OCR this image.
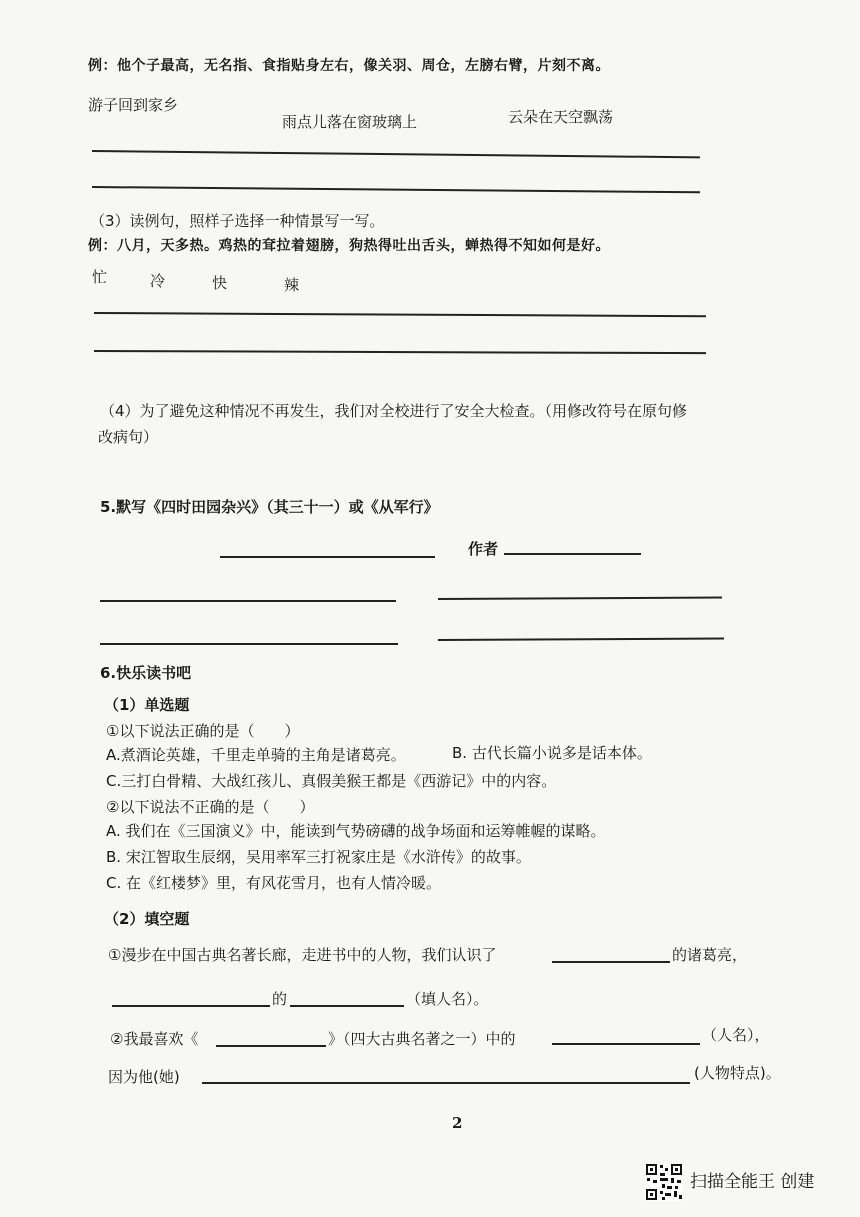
例：他个子最高，无名指、食指贴身左右，像关羽、周仓，左膀右臂，片刻不离。
游子回到家乡
雨点儿落在窗玻璃上	云朵在天空飘荡
（3）读例句，照样子选择一种情景写一写。
例：八月，天多热。鸡热的耷拉着翅膀，狗热得吐出舌头，蝉热得不知如何是好。
忙	冷	快	辣
（4）为了避免这种情况不再发生，我们对全校进行了安全大检查。（用修改符号在原句修
改病句）
5.默写《四时田园杂兴》（其三十一）或《从军行》
作者
6.快乐读书吧
（1）单选题
①以下说法正确的是（　　）
A.煮酒论英雄，千里走单骑的主角是诸葛亮。	B. 古代长篇小说多是话本体。
C.三打白骨精、大战红孩儿、真假美猴王都是《西游记》中的内容。
②以下说法不正确的是（　　）
A. 我们在《三国演义》中，能读到气势磅礴的战争场面和运筹帷幄的谋略。
B. 宋江智取生辰纲，吴用率军三打祝家庄是《水浒传》的故事。
C. 在《红楼梦》里，有风花雪月，也有人情冷暖。
（2）填空题
①漫步在中国古典名著长廊，走进书中的人物，我们认识了	的诸葛亮，
的	（填人名）。
②我最喜欢《	》（四大古典名著之一）中的	（人名），
因为他(她)	(人物特点)。
2
扫描全能王 创建
